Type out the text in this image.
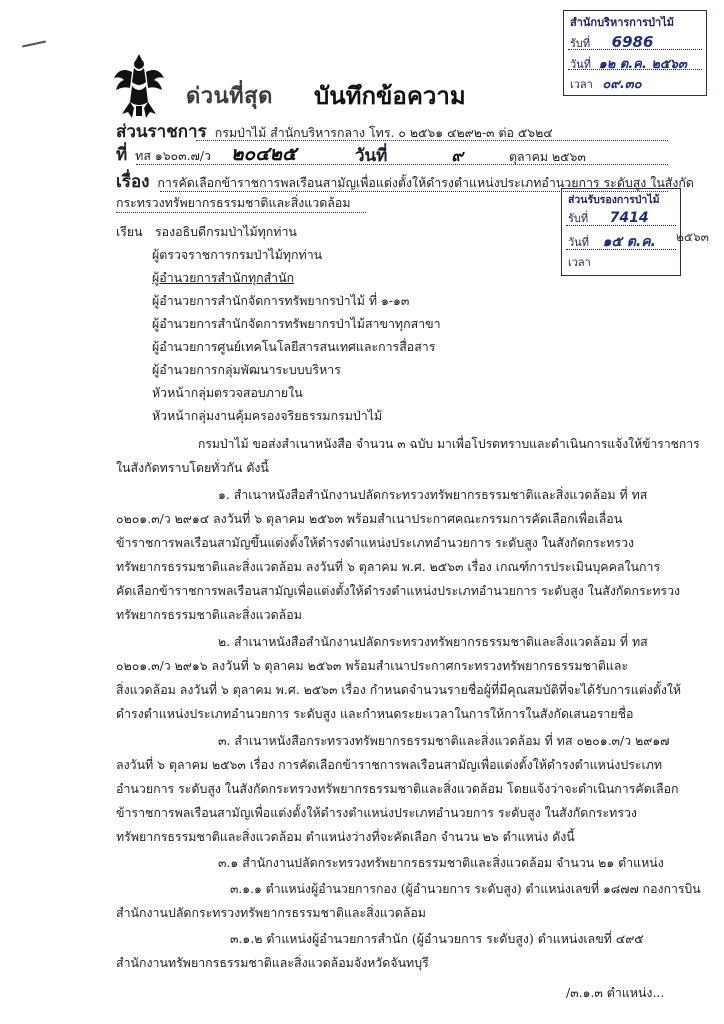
ด่วนที่สุด บันทึกข้อความ
สำนักบริหารการป่าไม้
รับที่ 6986
วันที่ ๑๒ ต.ค. ๒๕๖๓
เวลา ๐๙.๓๐
ส่วนราชการ กรมป่าไม้ สำนักบริหารกลาง โทร. ๐ ๒๕๖๑ ๔๒๙๒-๓ ต่อ ๕๖๒๔
ที่ ทส ๑๖๐๓.๗/ว ๒๐๔๒๕	วันที่	๙	ตุลาคม ๒๕๖๓
เรื่อง การคัดเลือกข้าราชการพลเรือนสามัญเพื่อแต่งตั้งให้ดำรงตำแหน่งประเภทอำนวยการ ระดับสูง ในสังกัด
กระทรวงทรัพยากรธรรมชาติและสิ่งแวดล้อม	ส่วนรับรองการป่าไม้
รับที่ 7414
วันที่ ๑๕ ต.ค.
เวลา
๒๕๖๓
เรียน รองอธิบดีกรมป่าไม้ทุกท่าน
ผู้ตรวจราชการกรมป่าไม้ทุกท่าน
ผู้อำนวยการสำนักทุกสำนัก
ผู้อำนวยการสำนักจัดการทรัพยากรป่าไม้ ที่ ๑-๑๓
ผู้อำนวยการสำนักจัดการทรัพยากรป่าไม้สาขาทุกสาขา
ผู้อำนวยการศูนย์เทคโนโลยีสารสนเทศและการสื่อสาร
ผู้อำนวยการกลุ่มพัฒนาระบบบริหาร
หัวหน้ากลุ่มตรวจสอบภายใน
หัวหน้ากลุ่มงานคุ้มครองจริยธรรมกรมป่าไม้
กรมป่าไม้ ขอส่งสำเนาหนังสือ จำนวน ๓ ฉบับ มาเพื่อโปรดทราบและดำเนินการแจ้งให้ข้าราชการ
ในสังกัดทราบโดยทั่วกัน ดังนี้
๑. สำเนาหนังสือสำนักงานปลัดกระทรวงทรัพยากรธรรมชาติและสิ่งแวดล้อม ที่ ทส
๐๒๐๑.๓/ว ๒๙๑๔ ลงวันที่ ๖ ตุลาคม ๒๕๖๓ พร้อมสำเนาประกาศคณะกรรมการคัดเลือกเพื่อเลื่อน
ข้าราชการพลเรือนสามัญขึ้นแต่งตั้งให้ดำรงตำแหน่งประเภทอำนวยการ ระดับสูง ในสังกัดกระทรวง
ทรัพยากรธรรมชาติและสิ่งแวดล้อม ลงวันที่ ๖ ตุลาคม พ.ศ. ๒๕๖๓ เรื่อง เกณฑ์การประเมินบุคคลในการ
คัดเลือกข้าราชการพลเรือนสามัญเพื่อแต่งตั้งให้ดำรงตำแหน่งประเภทอำนวยการ ระดับสูง ในสังกัดกระทรวง
ทรัพยากรธรรมชาติและสิ่งแวดล้อม
๒. สำเนาหนังสือสำนักงานปลัดกระทรวงทรัพยากรธรรมชาติและสิ่งแวดล้อม ที่ ทส
๐๒๐๑.๓/ว ๒๙๑๖ ลงวันที่ ๖ ตุลาคม ๒๕๖๓ พร้อมสำเนาประกาศกระทรวงทรัพยากรธรรมชาติและ
สิ่งแวดล้อม ลงวันที่ ๖ ตุลาคม พ.ศ. ๒๕๖๓ เรื่อง กำหนดจำนวนรายชื่อผู้ที่มีคุณสมบัติที่จะได้รับการแต่งตั้งให้
ดำรงตำแหน่งประเภทอำนวยการ ระดับสูง และกำหนดระยะเวลาในการให้การในสังกัดเสนอรายชื่อ
๓. สำเนาหนังสือกระทรวงทรัพยากรธรรมชาติและสิ่งแวดล้อม ที่ ทส ๐๒๐๑.๓/ว ๒๙๑๗
ลงวันที่ ๖ ตุลาคม ๒๕๖๓ เรื่อง การคัดเลือกข้าราชการพลเรือนสามัญเพื่อแต่งตั้งให้ดำรงตำแหน่งประเภท
อำนวยการ ระดับสูง ในสังกัดกระทรวงทรัพยากรธรรมชาติและสิ่งแวดล้อม โดยแจ้งว่าจะดำเนินการคัดเลือก
ข้าราชการพลเรือนสามัญเพื่อแต่งตั้งให้ดำรงตำแหน่งประเภทอำนวยการ ระดับสูง ในสังกัดกระทรวง
ทรัพยากรธรรมชาติและสิ่งแวดล้อม ตำแหน่งว่างที่จะคัดเลือก จำนวน ๒๖ ตำแหน่ง ดังนี้
๓.๑ สำนักงานปลัดกระทรวงทรัพยากรธรรมชาติและสิ่งแวดล้อม จำนวน ๒๑ ตำแหน่ง
๓.๑.๑ ตำแหน่งผู้อำนวยการกอง (ผู้อำนวยการ ระดับสูง) ตำแหน่งเลขที่ ๑๘๗๗ กองการบิน
สำนักงานปลัดกระทรวงทรัพยากรธรรมชาติและสิ่งแวดล้อม
๓.๑.๒ ตำแหน่งผู้อำนวยการสำนัก (ผู้อำนวยการ ระดับสูง) ตำแหน่งเลขที่ ๔๙๕
สำนักงานทรัพยากรธรรมชาติและสิ่งแวดล้อมจังหวัดจันทบุรี
/๓.๑.๓ ตำแหน่ง...
